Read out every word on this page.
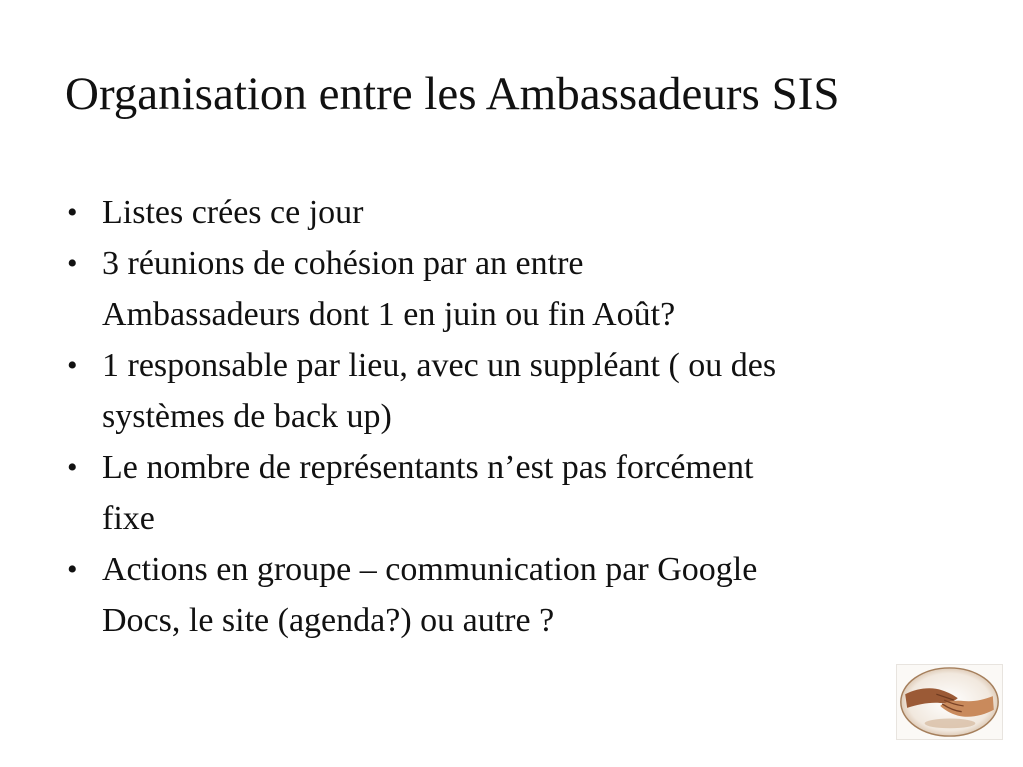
Organisation entre les Ambassadeurs SIS
• Listes crées ce jour
• 3 réunions de cohésion par an entre
Ambassadeurs dont 1 en juin ou fin Août?
• 1 responsable par lieu, avec un suppléant ( ou des
systèmes de back up)
• Le nombre de représentants n’est pas forcément
fixe
• Actions en groupe – communication par Google
Docs, le site (agenda?) ou autre ?
